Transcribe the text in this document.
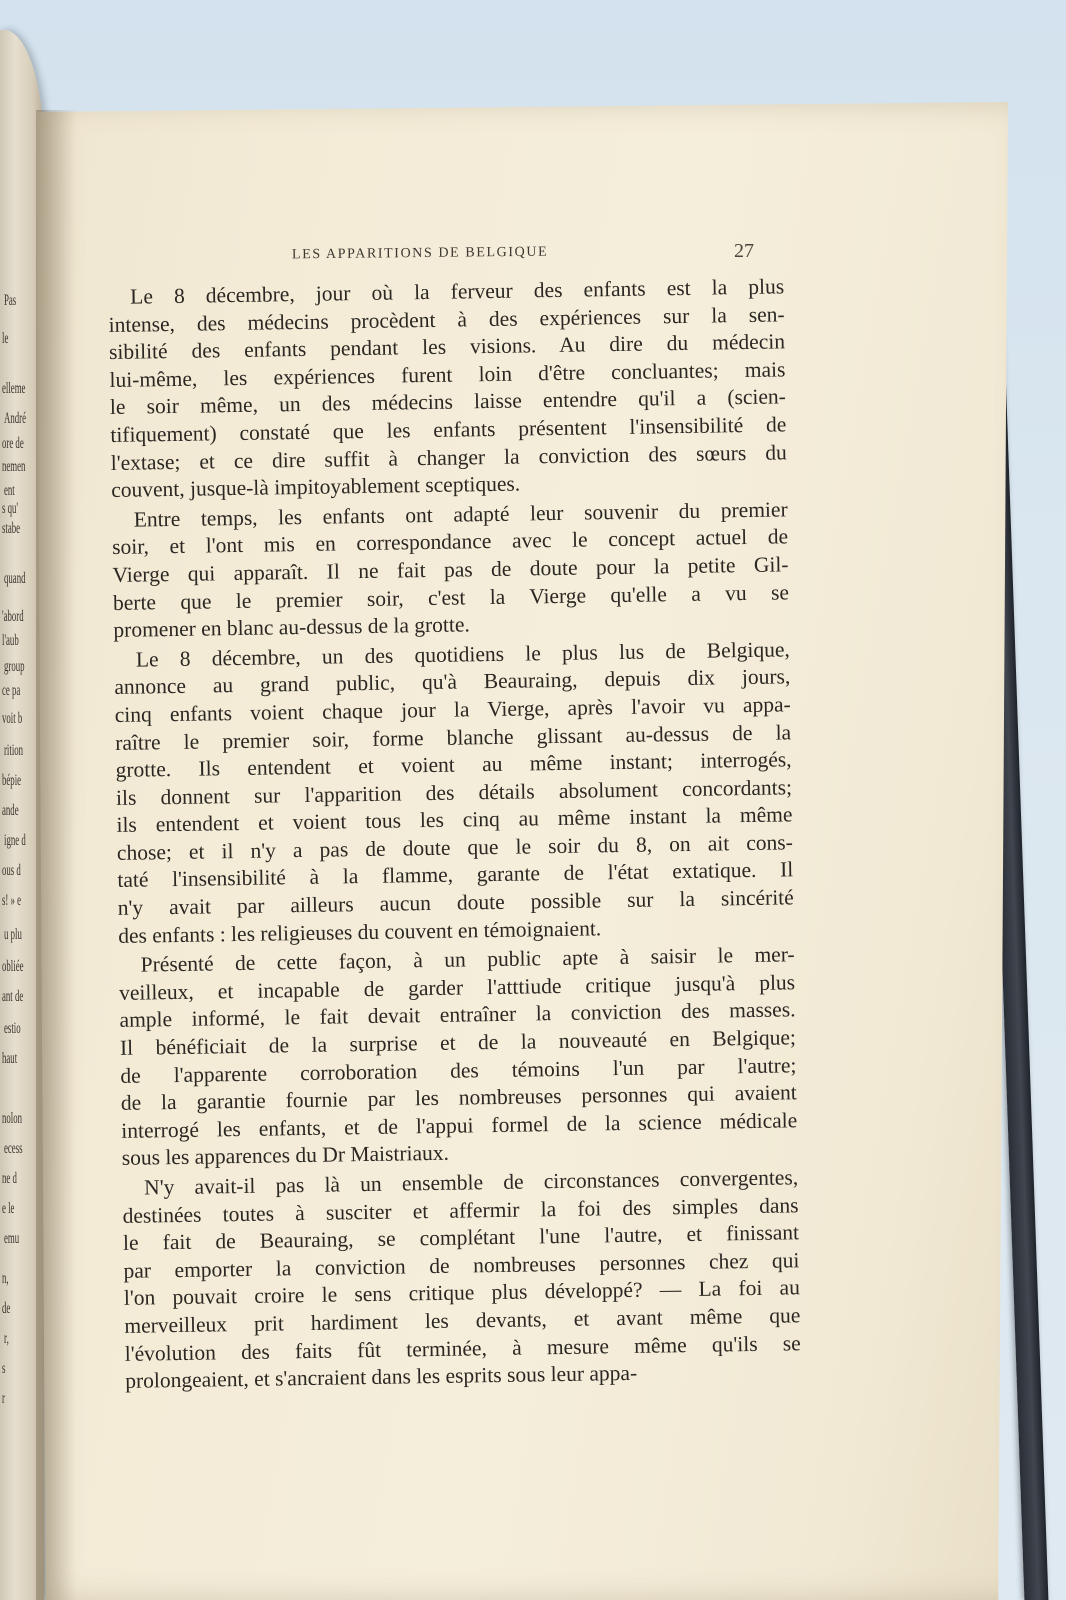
Pas
le
elleme
André
ore de
nemen
ent
s qu'
stabe
quand
'abord
l'aub
group
ce pa
voit b
rition
bépie
ande
igne d
ous d
s! » e
u plu
obliée
ant de
estio
haut
nolon
ecess
ne d
e le
emu
n,
de
r,
s
r
LES APPARITIONS DE BELGIQUE	27
Le 8 décembre, jour où la ferveur des enfants est la plus
intense, des médecins procèdent à des expériences sur la sen-
sibilité des enfants pendant les visions. Au dire du médecin
lui-même, les expériences furent loin d'être concluantes; mais
le soir même, un des médecins laisse entendre qu'il a (scien-
tifiquement) constaté que les enfants présentent l'insensibilité de
l'extase; et ce dire suffit à changer la conviction des sœurs du
couvent, jusque-là impitoyablement sceptiques.
Entre temps, les enfants ont adapté leur souvenir du premier
soir, et l'ont mis en correspondance avec le concept actuel de
Vierge qui apparaît. Il ne fait pas de doute pour la petite Gil-
berte que le premier soir, c'est la Vierge qu'elle a vu se
promener en blanc au-dessus de la grotte.
Le 8 décembre, un des quotidiens le plus lus de Belgique,
annonce au grand public, qu'à Beauraing, depuis dix jours,
cinq enfants voient chaque jour la Vierge, après l'avoir vu appa-
raître le premier soir, forme blanche glissant au-dessus de la
grotte. Ils entendent et voient au même instant; interrogés,
ils donnent sur l'apparition des détails absolument concordants;
ils entendent et voient tous les cinq au même instant la même
chose; et il n'y a pas de doute que le soir du 8, on ait cons-
taté l'insensibilité à la flamme, garante de l'état extatique. Il
n'y avait par ailleurs aucun doute possible sur la sincérité
des enfants : les religieuses du couvent en témoignaient.
Présenté de cette façon, à un public apte à saisir le mer-
veilleux, et incapable de garder l'atttiude critique jusqu'à plus
ample informé, le fait devait entraîner la conviction des masses.
Il bénéficiait de la surprise et de la nouveauté en Belgique;
de l'apparente corroboration des témoins l'un par l'autre;
de la garantie fournie par les nombreuses personnes qui avaient
interrogé les enfants, et de l'appui formel de la science médicale
sous les apparences du Dr Maistriaux.
N'y avait-il pas là un ensemble de circonstances convergentes,
destinées toutes à susciter et affermir la foi des simples dans
le fait de Beauraing, se complétant l'une l'autre, et finissant
par emporter la conviction de nombreuses personnes chez qui
l'on pouvait croire le sens critique plus développé? — La foi au
merveilleux prit hardiment les devants, et avant même que
l'évolution des faits fût terminée, à mesure même qu'ils se
prolongeaient, et s'ancraient dans les esprits sous leur appa-
